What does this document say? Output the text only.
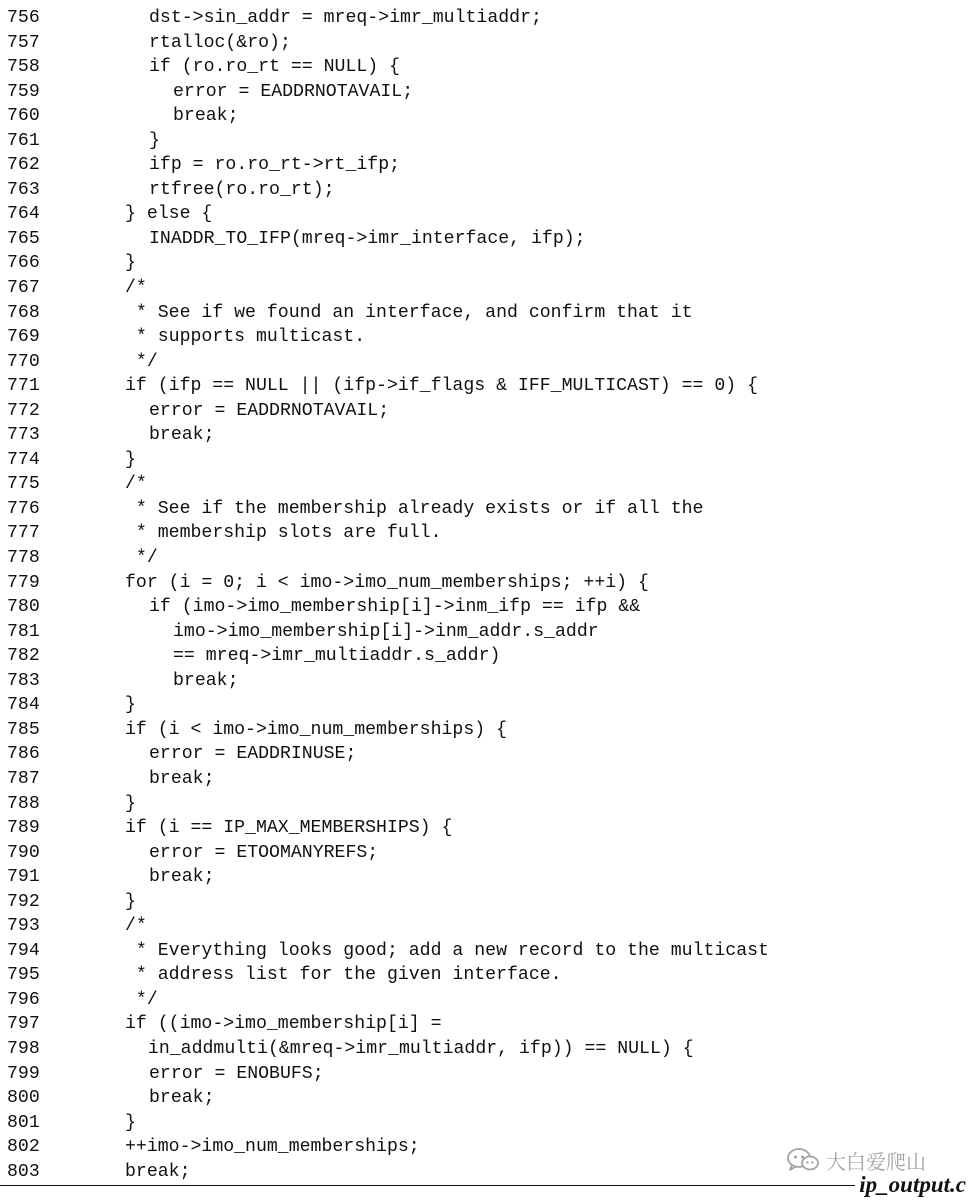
756	dst->sin_addr = mreq->imr_multiaddr;
757	rtalloc(&ro);
758	if (ro.ro_rt == NULL) {
759	error = EADDRNOTAVAIL;
760	break;
761	}
762	ifp = ro.ro_rt->rt_ifp;
763	rtfree(ro.ro_rt);
764	} else {
765	INADDR_TO_IFP(mreq->imr_interface, ifp);
766	}
767	/*
768	* See if we found an interface, and confirm that it
769	* supports multicast.
770	*/
771	if (ifp == NULL || (ifp->if_flags & IFF_MULTICAST) == 0) {
772	error = EADDRNOTAVAIL;
773	break;
774	}
775	/*
776	* See if the membership already exists or if all the
777	* membership slots are full.
778	*/
779	for (i = 0; i < imo->imo_num_memberships; ++i) {
780	if (imo->imo_membership[i]->inm_ifp == ifp &&
781	imo->imo_membership[i]->inm_addr.s_addr
782	== mreq->imr_multiaddr.s_addr)
783	break;
784	}
785	if (i < imo->imo_num_memberships) {
786	error = EADDRINUSE;
787	break;
788	}
789	if (i == IP_MAX_MEMBERSHIPS) {
790	error = ETOOMANYREFS;
791	break;
792	}
793	/*
794	* Everything looks good; add a new record to the multicast
795	* address list for the given interface.
796	*/
797	if ((imo->imo_membership[i] =
798	in_addmulti(&mreq->imr_multiaddr, ifp)) == NULL) {
799	error = ENOBUFS;
800	break;
801	}
802	++imo->imo_num_memberships;
803	break;	大白爱爬山
ip_output.c
